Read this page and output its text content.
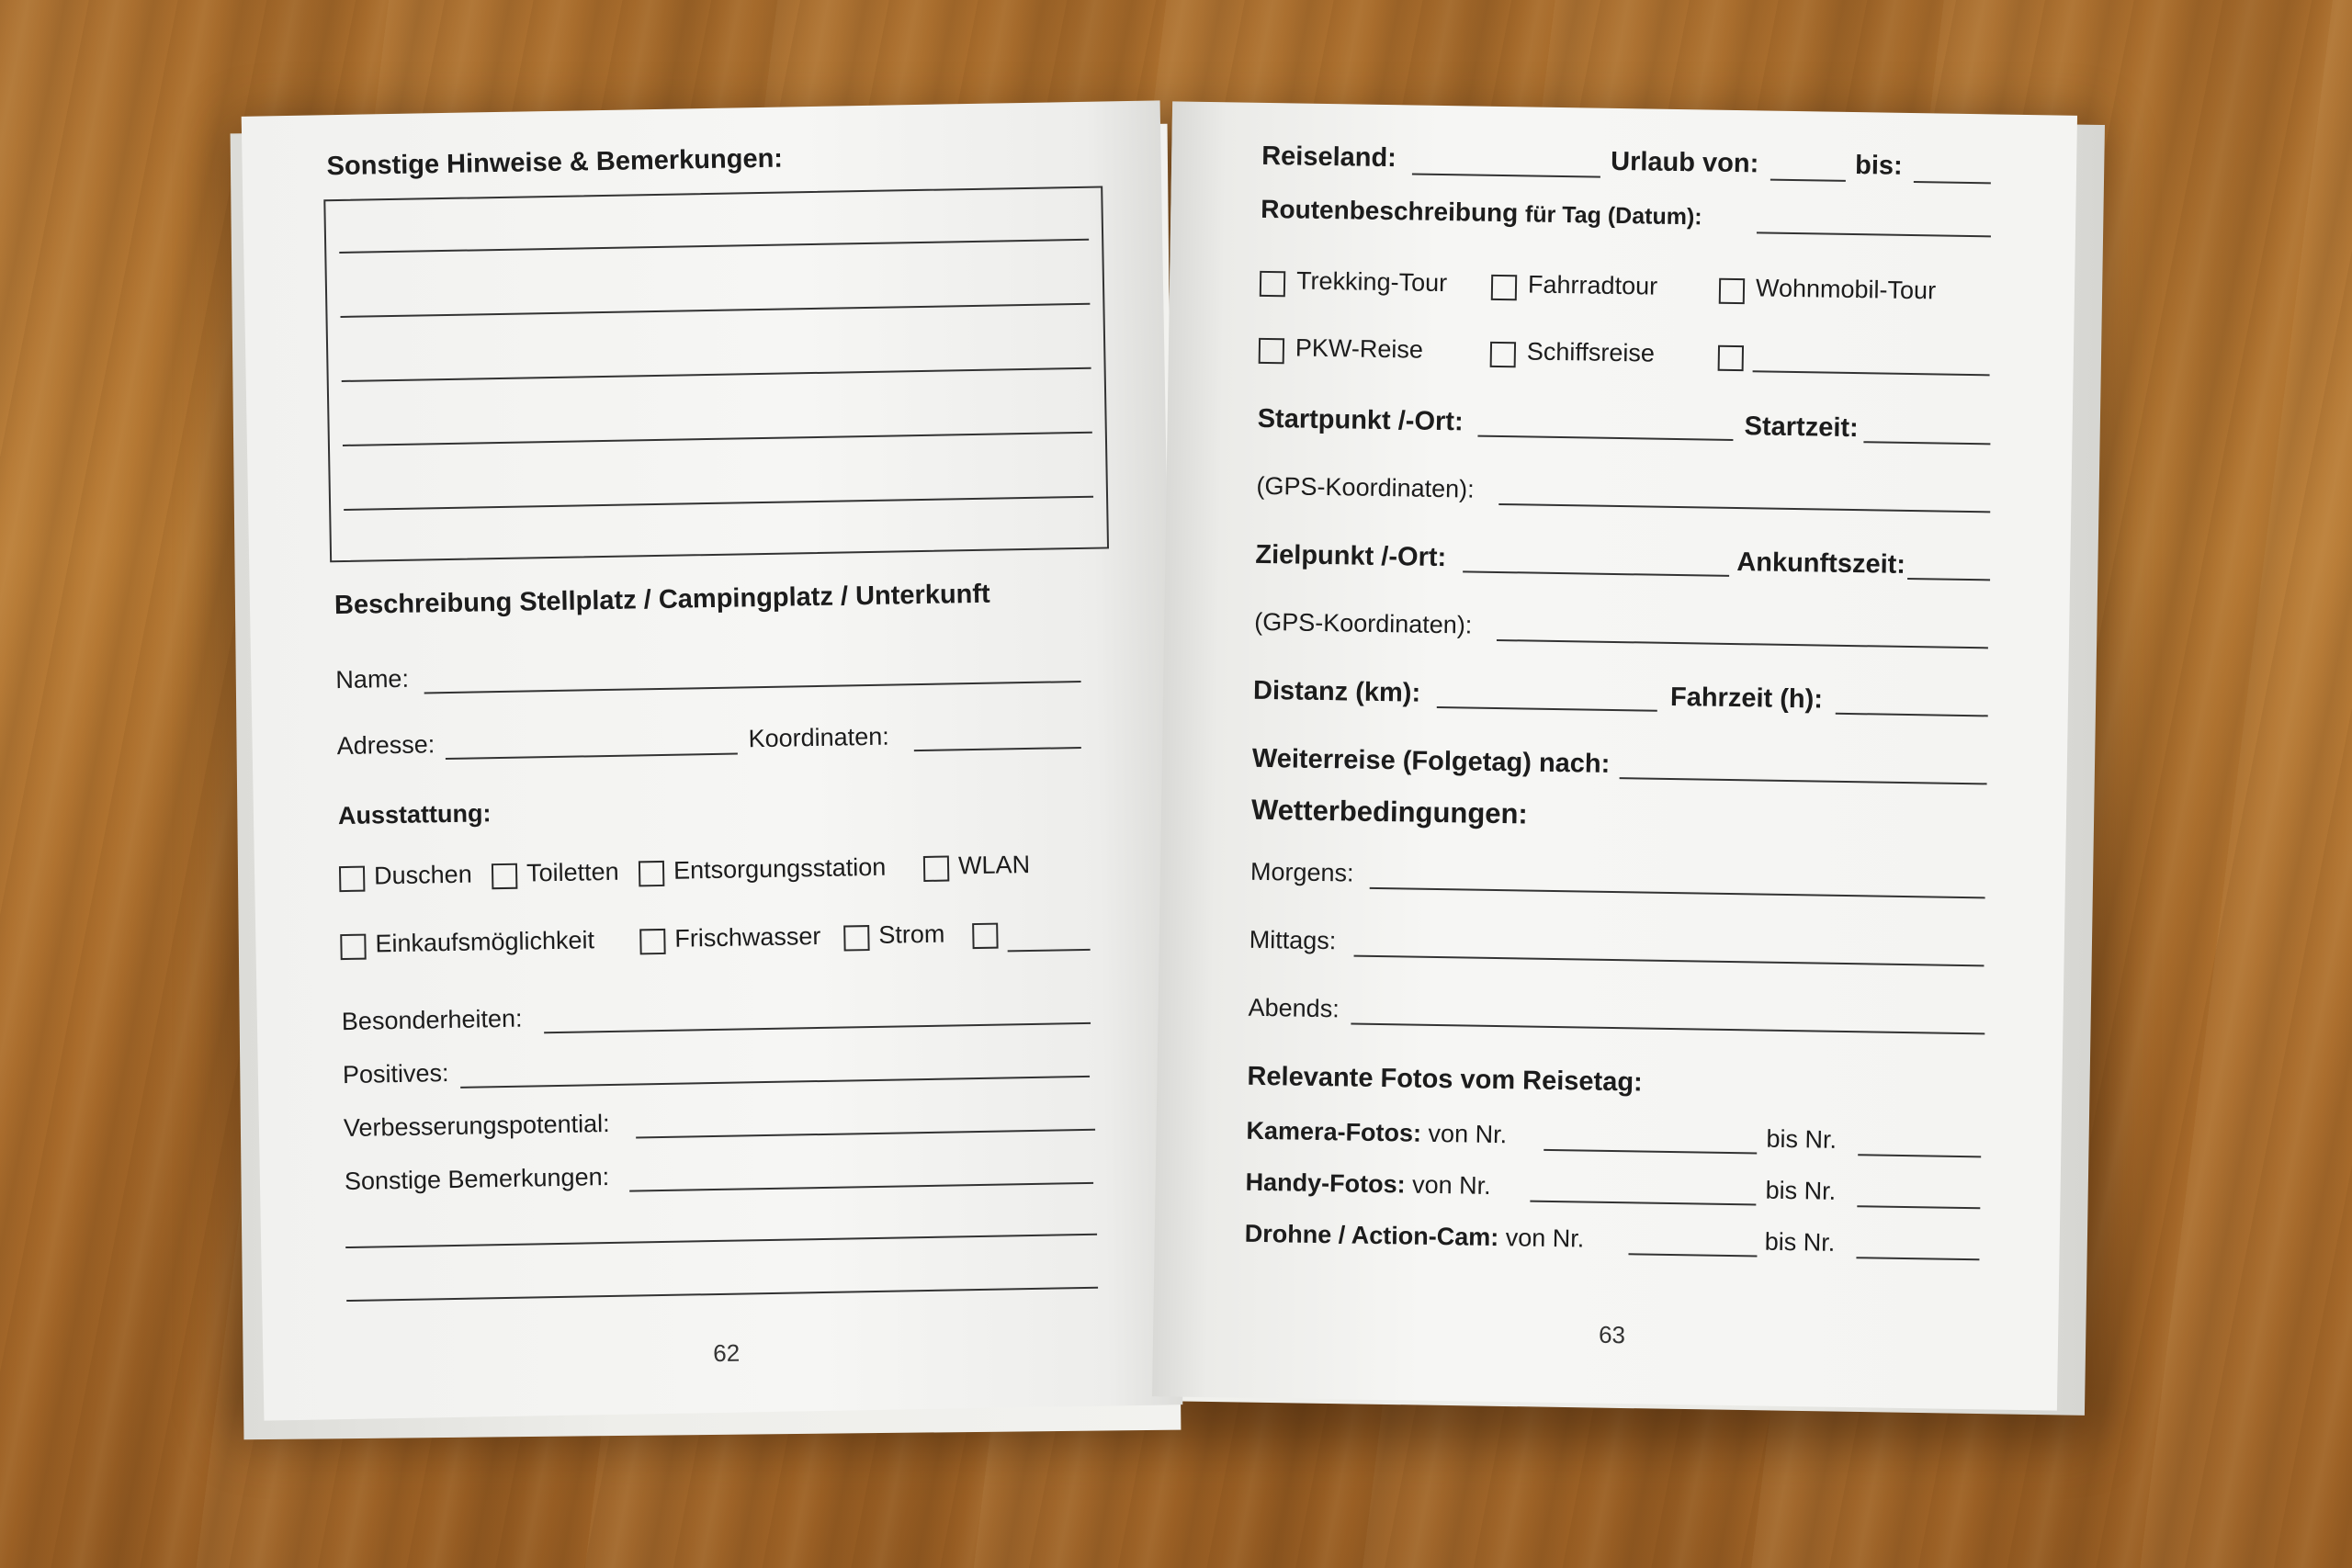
Sonstige Hinweise & Bemerkungen:
Beschreibung Stellplatz / Campingplatz / Unterkunft
Name:
Adresse:	Koordinaten:
Ausstattung:
Duschen Toiletten Entsorgungsstation	WLAN
Einkaufsmöglichkeit	Frischwasser Strom
Besonderheiten:
Positives:
Verbesserungspotential:
Sonstige Bemerkungen:
62
Reiseland:	Urlaub von:	bis:
Routenbeschreibung für Tag (Datum):
Trekking-Tour	Fahrradtour	Wohnmobil-Tour
PKW-Reise	Schiffsreise
Startpunkt /-Ort:	Startzeit:
(GPS-Koordinaten):
Zielpunkt /-Ort:	Ankunftszeit:
(GPS-Koordinaten):
Distanz (km):	Fahrzeit (h):
Weiterreise (Folgetag) nach:
Wetterbedingungen:
Morgens:
Mittags:
Abends:
Relevante Fotos vom Reisetag:
Kamera-Fotos: von Nr.	bis Nr.
Handy-Fotos: von Nr.	bis Nr.
Drohne / Action-Cam: von Nr.	bis Nr.
63
